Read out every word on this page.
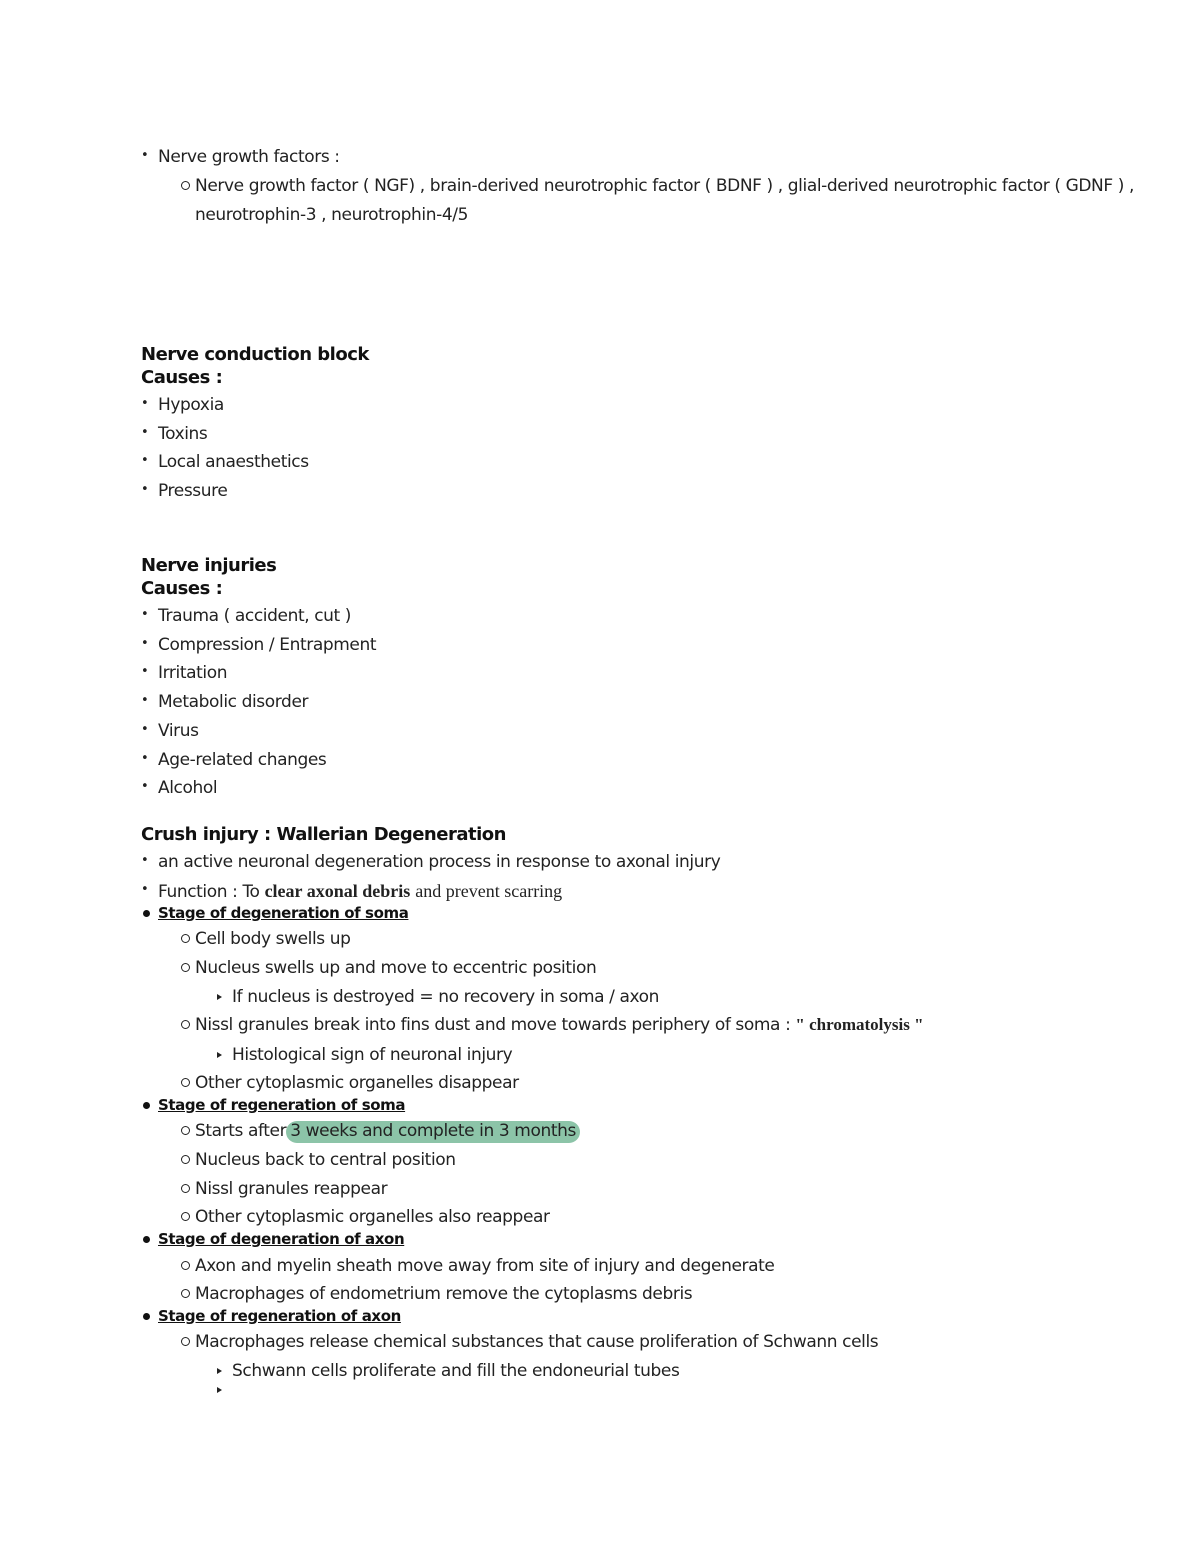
• Nerve growth factors :
Nerve growth factor ( NGF) , brain-derived neurotrophic factor ( BDNF ) , glial-derived neurotrophic factor ( GDNF ) ,
neurotrophin-3 , neurotrophin-4/5
Nerve conduction block
Causes :
• Hypoxia
• Toxins
• Local anaesthetics
• Pressure
Nerve injuries
Causes :
• Trauma ( accident, cut )
• Compression / Entrapment
• Irritation
• Metabolic disorder
• Virus
• Age-related changes
• Alcohol
Crush injury : Wallerian Degeneration
• an active neuronal degeneration process in response to axonal injury
• Function : To clear axonal debris and prevent scarring
Stage of degeneration of soma
Cell body swells up
Nucleus swells up and move to eccentric position
If nucleus is destroyed = no recovery in soma / axon
Nissl granules break into fins dust and move towards periphery of soma : " chromatolysis "
Histological sign of neuronal injury
Other cytoplasmic organelles disappear
Stage of regeneration of soma
Starts after 3 weeks and complete in 3 months
Nucleus back to central position
Nissl granules reappear
Other cytoplasmic organelles also reappear
Stage of degeneration of axon
Axon and myelin sheath move away from site of injury and degenerate
Macrophages of endometrium remove the cytoplasms debris
Stage of regeneration of axon
Macrophages release chemical substances that cause proliferation of Schwann cells
Schwann cells proliferate and fill the endoneurial tubes
